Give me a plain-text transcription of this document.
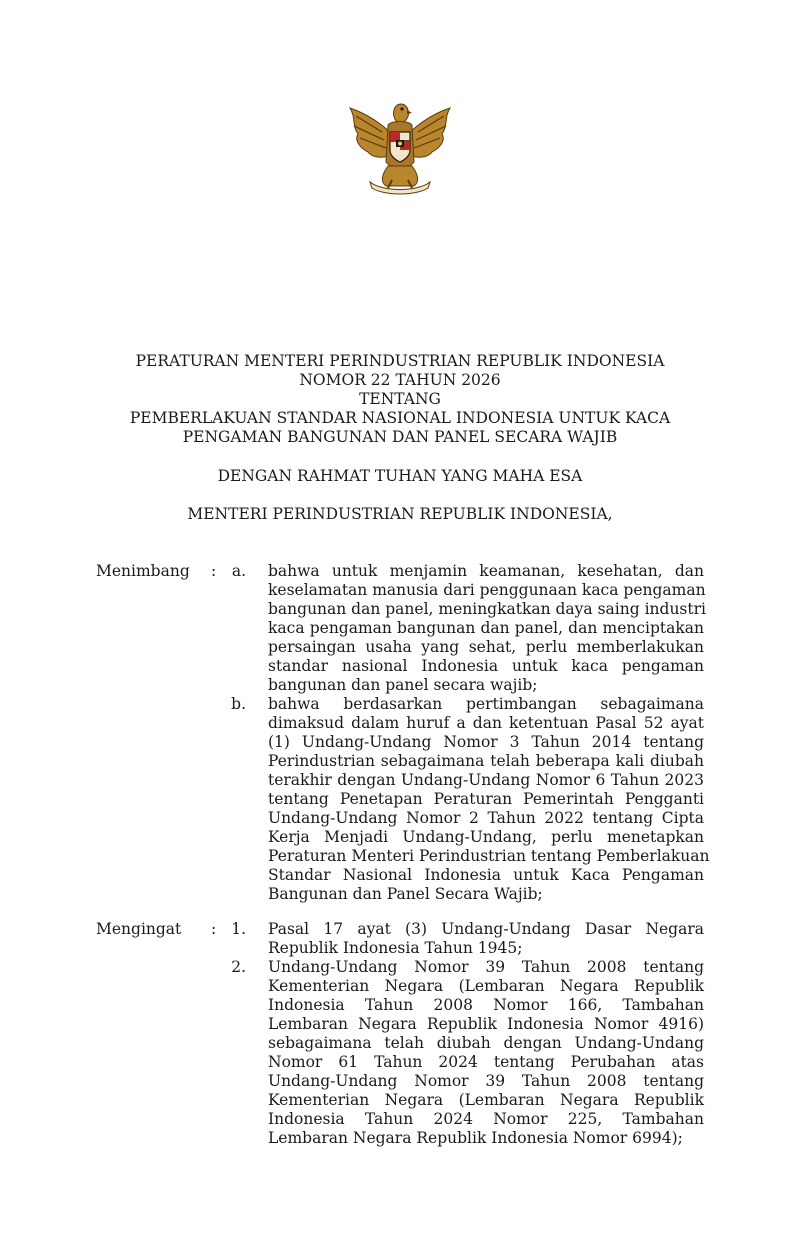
PERATURAN MENTERI PERINDUSTRIAN REPUBLIK INDONESIA
NOMOR 22 TAHUN 2026
TENTANG
PEMBERLAKUAN STANDAR NASIONAL INDONESIA UNTUK KACA
PENGAMAN BANGUNAN DAN PANEL SECARA WAJIB
DENGAN RAHMAT TUHAN YANG MAHA ESA
MENTERI PERINDUSTRIAN REPUBLIK INDONESIA,
Menimbang :	a. bahwa untuk menjamin keamanan, kesehatan, dan
keselamatan manusia dari penggunaan kaca pengaman
bangunan dan panel, meningkatkan daya saing industri
kaca pengaman bangunan dan panel, dan menciptakan
persaingan usaha yang sehat, perlu memberlakukan
standar nasional Indonesia untuk kaca pengaman
bangunan dan panel secara wajib;
b. bahwa berdasarkan pertimbangan sebagaimana
dimaksud dalam huruf a dan ketentuan Pasal 52 ayat
(1) Undang-Undang Nomor 3 Tahun 2014 tentang
Perindustrian sebagaimana telah beberapa kali diubah
terakhir dengan Undang-Undang Nomor 6 Tahun 2023
tentang Penetapan Peraturan Pemerintah Pengganti
Undang-Undang Nomor 2 Tahun 2022 tentang Cipta
Kerja Menjadi Undang-Undang, perlu menetapkan
Peraturan Menteri Perindustrian tentang Pemberlakuan
Standar Nasional Indonesia untuk Kaca Pengaman
Bangunan dan Panel Secara Wajib;
Mengingat : 1. Pasal 17 ayat (3) Undang-Undang Dasar Negara
Republik Indonesia Tahun 1945;
2. Undang-Undang Nomor 39 Tahun 2008 tentang
Kementerian Negara (Lembaran Negara Republik
Indonesia Tahun 2008 Nomor 166, Tambahan
Lembaran Negara Republik Indonesia Nomor 4916)
sebagaimana telah diubah dengan Undang-Undang
Nomor 61 Tahun 2024 tentang Perubahan atas
Undang-Undang Nomor 39 Tahun 2008 tentang
Kementerian Negara (Lembaran Negara Republik
Indonesia Tahun 2024 Nomor 225, Tambahan
Lembaran Negara Republik Indonesia Nomor 6994);
